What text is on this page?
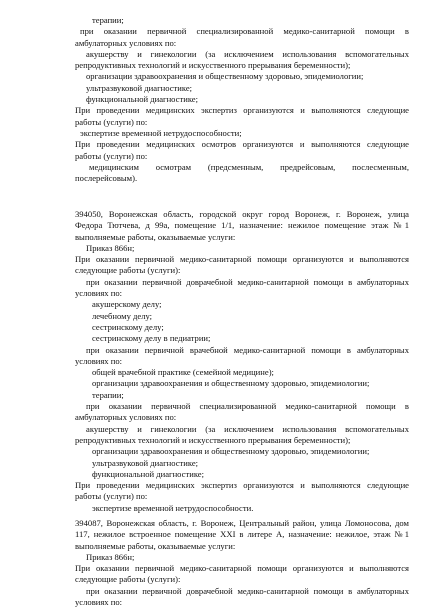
терапии;

при оказании первичной специализированной медико-санитарной помощи в

амбулаторных условиях по:

акушерству и гинекологии (за исключением использования вспомогательных

репродуктивных технологий и искусственного прерывания беременности);

организации здравоохранения и общественному здоровью, эпидемиологии;

ультразвуковой диагностике;

функциональной диагностике;

При проведении медицинских экспертиз организуются и выполняются следующие

работы (услуги) по:

экспертизе временной нетрудоспособности;

При проведении медицинских осмотров организуются и выполняются следующие

работы (услуги) по:

медицинским осмотрам (предсменным, предрейсовым, послесменным,

послерейсовым).

394050, Воронежская область, городской округ город Воронеж, г. Воронеж, улица

Федора Тютчева, д 99а, помещение 1/1, назначение: нежилое помещение этаж №1

выполняемые работы, оказываемые услуги:

Приказ 866н;

При оказании первичной медико-санитарной помощи организуются и выполняются

следующие работы (услуги):

при оказании первичной доврачебной медико-санитарной помощи в амбулаторных

условиях по:

акушерскому делу;

лечебному делу;

сестринскому делу;

сестринскому делу в педиатрии;

при оказании первичной врачебной медико-санитарной помощи в амбулаторных

условиях по:

общей врачебной практике (семейной медицине);

организации здравоохранения и общественному здоровью, эпидемиологии;

терапии;

при оказании первичной специализированной медико-санитарной помощи в

амбулаторных условиях по:

акушерству и гинекологии (за исключением использования вспомогательных

репродуктивных технологий и искусственного прерывания беременности);

организации здравоохранения и общественному здоровью, эпидемиологии;

ультразвуковой диагностике;

функциональной диагностике;

При проведении медицинских экспертиз организуются и выполняются следующие

работы (услуги) по:

экспертизе временной нетрудоспособности.

394087, Воронежская область, г. Воронеж, Центральный район, улица Ломоносова, дом

117, нежилое встроенное помещение XXI в литере А, назначение: нежилое, этаж №1

выполняемые работы, оказываемые услуги:

Приказ 866н;

При оказании первичной медико-санитарной помощи организуются и выполняются

следующие работы (услуги):

при оказании первичной доврачебной медико-санитарной помощи в амбулаторных

условиях по:
